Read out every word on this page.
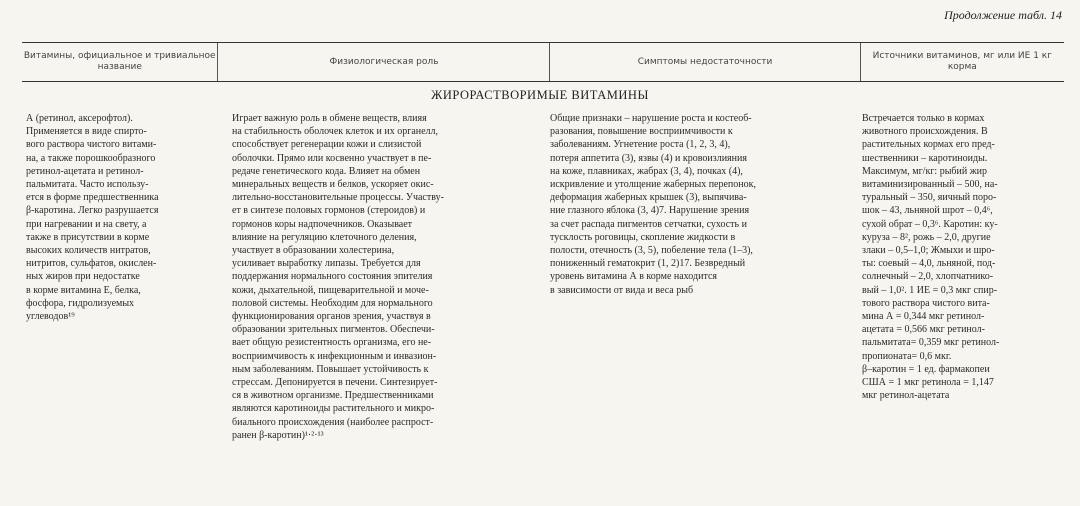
Продолжение табл. 14
Витамины, официальное и тривиальное название
Физиологическая роль	Симптомы недостаточности
Источники витаминов, мг или ИЕ 1 кг корма
ЖИРОРАСТВОРИМЫЕ ВИТАМИНЫ

А (ретинол, аксерофтол).

Применяется в виде спирто-

вого раствора чистого витами-

на, а также порошкообразного

ретинол-ацетата и ретинол-

пальмитата. Часто использу-

ется в форме предшественника

β-каротина. Легко разрушается

при нагревании и на свету, а

также в присутствии в корме

высоких количеств нитратов,

нитритов, сульфатов, окислен-

ных жиров при недостатке

в корме витамина Е, белка,

фосфора, гидролизуемых

углеводов¹⁹

Играет важную роль в обмене веществ, влияя

на стабильность оболочек клеток и их органелл,

способствует регенерации кожи и слизистой

оболочки. Прямо или косвенно участвует в пе-

редаче генетического кода. Влияет на обмен

минеральных веществ и белков, ускоряет окис-

лительно-восстановительные процессы. Участву-

ет в синтезе половых гормонов (стероидов) и

гормонов коры надпочечников. Оказывает

влияние на регуляцию клеточного деления,

участвует в образовании холестерина,

усиливает выработку липазы. Требуется для

поддержания нормального состояния эпителия

кожи, дыхательной, пищеварительной и моче-

половой системы. Необходим для нормального

функционирования органов зрения, участвуя в

образовании зрительных пигментов. Обеспечи-

вает общую резистентность организма, его не-

восприимчивость к инфекционным и инвазион-

ным заболеваниям. Повышает устойчивость к

стрессам. Депонируется в печени. Синтезирует-

ся в животном организме. Предшественниками

являются каротиноиды растительного и микро-

биального происхождения (наиболее распрост-

ранен β-каротин)¹·²·¹³

Общие признаки – нарушение роста и костеоб-

разования, повышение восприимчивости к

заболеваниям. Угнетение роста (1, 2, 3, 4),

потеря аппетита (3), язвы (4) и кровоизлияния

на коже, плавниках, жабрах (3, 4), почках (4),

искривление и утолщение жаберных перепонок,

деформация жаберных крышек (3), выпячива-

ние глазного яблока (3, 4)7. Нарушение зрения

за счет распада пигментов сетчатки, сухость и

тусклость роговицы, скопление жидкости в

полости, отечность (3, 5), побеление тела (1–3),

пониженный гематокрит (1, 2)17. Безвредный

уровень витамина А в корме находится

в зависимости от вида и веса рыб

Встречается только в кормах

животного происхождения. В

растительных кормах его пред-

шественники – каротиноиды.

Максимум, мг/кг: рыбий жир

витаминизированный – 500, на-

туральный – 350, яичный поро-

шок – 43, льняной шрот – 0,4⁶,

сухой обрат – 0,3⁶. Каротин: ку-

куруза – 8², рожь – 2,0, другие

злаки – 0,5–1,0; Жмыхи и шро-

ты: соевый – 4,0, льняной, под-

солнечный – 2,0, хлопчатнико-

вый – 1,0². 1 ИЕ = 0,3 мкг спир-

тового раствора чистого вита-

мина А = 0,344 мкг ретинол-

ацетата = 0,566 мкг ретинол-

пальмитата= 0,359 мкг ретинол-

пропионата= 0,6 мкг.

β–каротин = 1 ед. фармакопеи

США = 1 мкг ретинола = 1,147

мкг ретинол-ацетата
